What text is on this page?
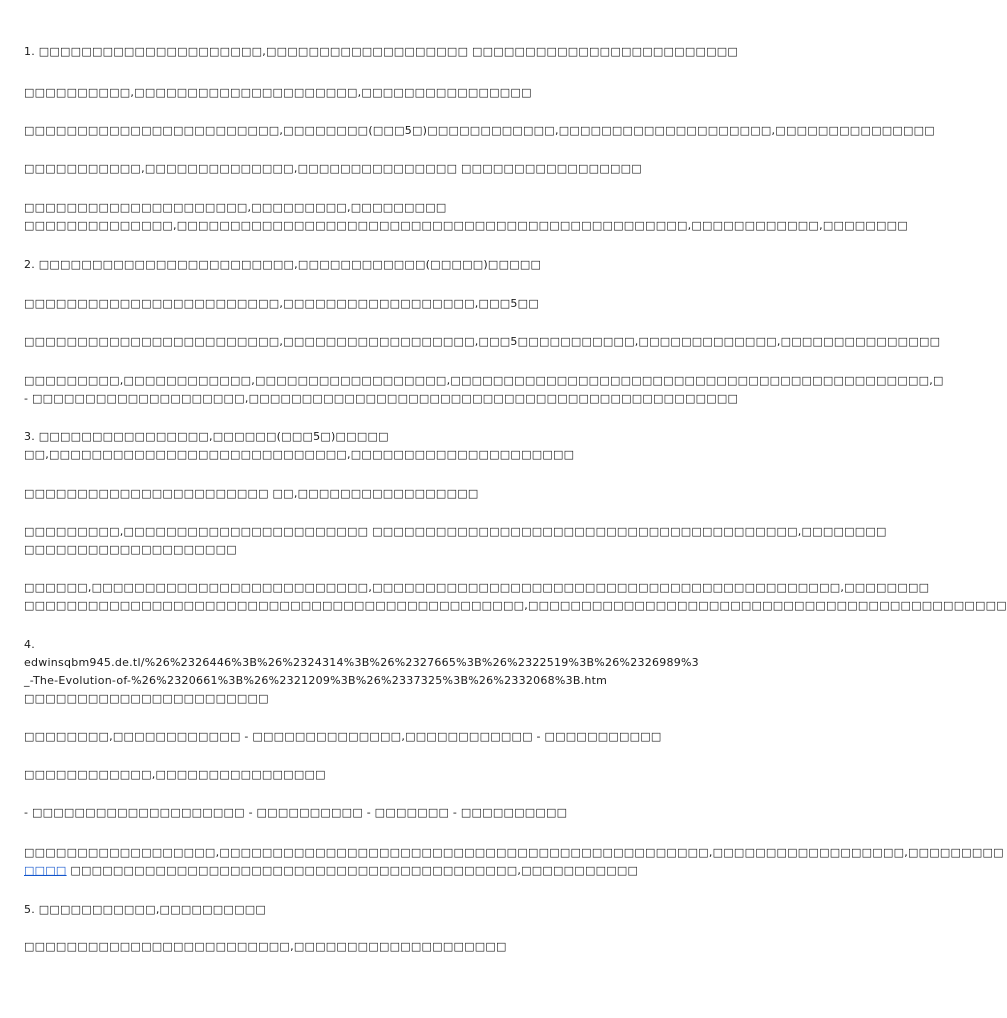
1. □□□□□□□□□□□□□□□□□□□□□,□□□□□□□□□□□□□□□□□□□ □□□□□□□□□□□□□□□□□□□□□□□□□
□□□□□□□□□□,□□□□□□□□□□□□□□□□□□□□□,□□□□□□□□□□□□□□□□
□□□□□□□□□□□□□□□□□□□□□□□□,□□□□□□□□(□□□5□)□□□□□□□□□□□□,□□□□□□□□□□□□□□□□□□□□,□□□□□□□□□□□□□□□
□□□□□□□□□□□,□□□□□□□□□□□□□□,□□□□□□□□□□□□□□□ □□□□□□□□□□□□□□□□□
□□□□□□□□□□□□□□□□□□□□□,□□□□□□□□□,□□□□□□□□□
□□□□□□□□□□□□□□,□□□□□□□□□□□□□□□□□□□□□□□□□□□□□□□□□□□□□□□□□□□□□□□□,□□□□□□□□□□□□,□□□□□□□□
2. □□□□□□□□□□□□□□□□□□□□□□□□,□□□□□□□□□□□□(□□□□□)□□□□□
□□□□□□□□□□□□□□□□□□□□□□□□,□□□□□□□□□□□□□□□□□□,□□□5□□
□□□□□□□□□□□□□□□□□□□□□□□□,□□□□□□□□□□□□□□□□□□,□□□5□□□□□□□□□□□,□□□□□□□□□□□□□,□□□□□□□□□□□□□□□
□□□□□□□□□,□□□□□□□□□□□□,□□□□□□□□□□□□□□□□□□,□□□□□□□□□□□□□□□□□□□□□□□□□□□□□□□□□□□□□□□□□□□□□,□
- □□□□□□□□□□□□□□□□□□□□,□□□□□□□□□□□□□□□□□□□□□□□□□□□□□□□□□□□□□□□□□□□□□□
3. □□□□□□□□□□□□□□□□,□□□□□□(□□□5□)□□□□□
□□,□□□□□□□□□□□□□□□□□□□□□□□□□□□□,□□□□□□□□□□□□□□□□□□□□□
□□□□□□□□□□□□□□□□□□□□□□□ □□,□□□□□□□□□□□□□□□□□
□□□□□□□□□,□□□□□□□□□□□□□□□□□□□□□□□ □□□□□□□□□□□□□□□□□□□□□□□□□□□□□□□□□□□□□□□□,□□□□□□□□
□□□□□□□□□□□□□□□□□□□□
□□□□□□,□□□□□□□□□□□□□□□□□□□□□□□□□□,□□□□□□□□□□□□□□□□□□□□□□□□□□□□□□□□□□□□□□□□□□□□,□□□□□□□□
□□□□□□□□□□□□□□□□□□□□□□□□□□□□□□□□□□□□□□□□□□□□□□□,□□□□□□□□□□□□□□□□□□□□□□□□□□□□□□□□□□□□□□□□□□□□□
4.
edwinsqbm945.de.tl/%26%2326446%3B%26%2324314%3B%26%2327665%3B%26%2322519%3B%26%2326989%3
_-The-Evolution-of-%26%2320661%3B%26%2321209%3B%26%2337325%3B%26%2332068%3B.htm
□□□□□□□□□□□□□□□□□□□□□□□
□□□□□□□□,□□□□□□□□□□□□ - □□□□□□□□□□□□□□,□□□□□□□□□□□□ - □□□□□□□□□□□
□□□□□□□□□□□□,□□□□□□□□□□□□□□□□
- □□□□□□□□□□□□□□□□□□□□ - □□□□□□□□□□ - □□□□□□□ - □□□□□□□□□□
□□□□□□□□□□□□□□□□□□,□□□□□□□□□□□□□□□□□□□□□□□□□□□□□□□□□□□□□□□□□□□□□□,□□□□□□□□□□□□□□□□□□,□□□□□□□□□
□□□□ □□□□□□□□□□□□□□□□□□□□□□□□□□□□□□□□□□□□□□□□□□,□□□□□□□□□□□
5. □□□□□□□□□□□,□□□□□□□□□□
□□□□□□□□□□□□□□□□□□□□□□□□□,□□□□□□□□□□□□□□□□□□□□
